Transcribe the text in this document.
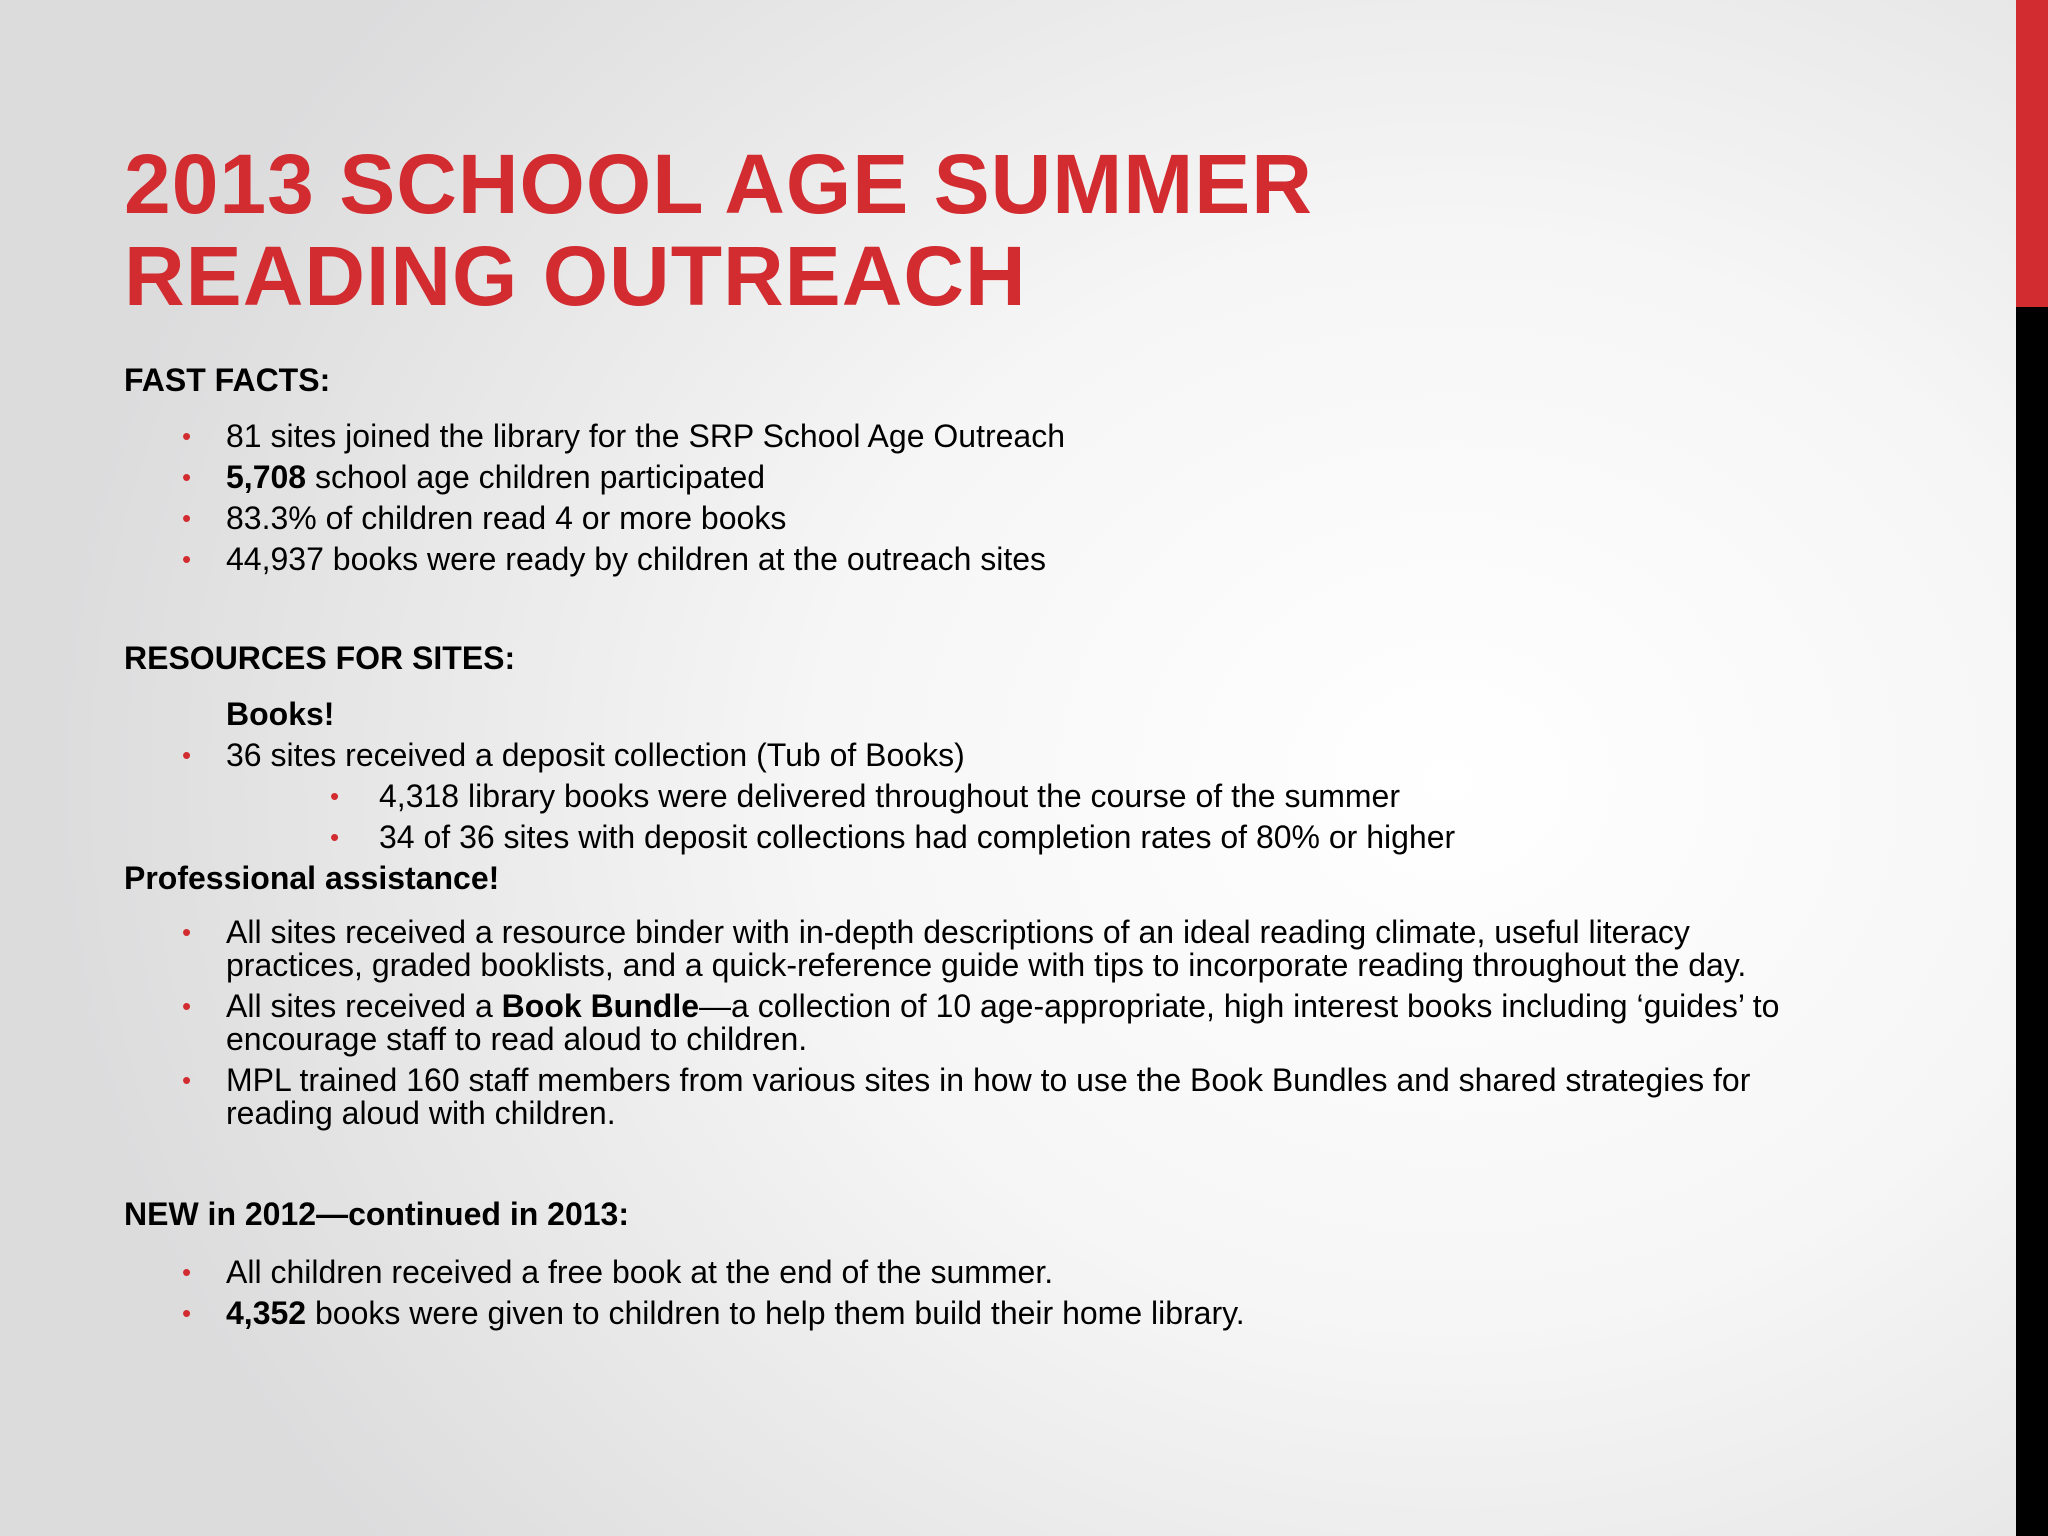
2013 SCHOOL AGE SUMMER
READING OUTREACH

FAST FACTS:

• 81 sites joined the library for the SRP School Age Outreach
• 5,708 school age children participated
• 83.3% of children read 4 or more books
• 44,937 books were ready by children at the outreach sites

RESOURCES FOR SITES:

Books!

• 36 sites received a deposit collection (Tub of Books)
• 4,318 library books were delivered throughout the course of the summer
• 34 of 36 sites with deposit collections had completion rates of 80% or higher

Professional assistance!

• All sites received a resource binder with in-depth descriptions of an ideal reading climate, useful literacy practices, graded booklists, and a quick-reference guide with tips to incorporate reading throughout the day.
• All sites received a Book Bundle—a collection of 10 age-appropriate, high interest books including ‘guides’ to encourage staff to read aloud to children.
• MPL trained 160 staff members from various sites in how to use the Book Bundles and shared strategies for reading aloud with children.

NEW in 2012—continued in 2013:

• All children received a free book at the end of the summer.
• 4,352 books were given to children to help them build their home library.
